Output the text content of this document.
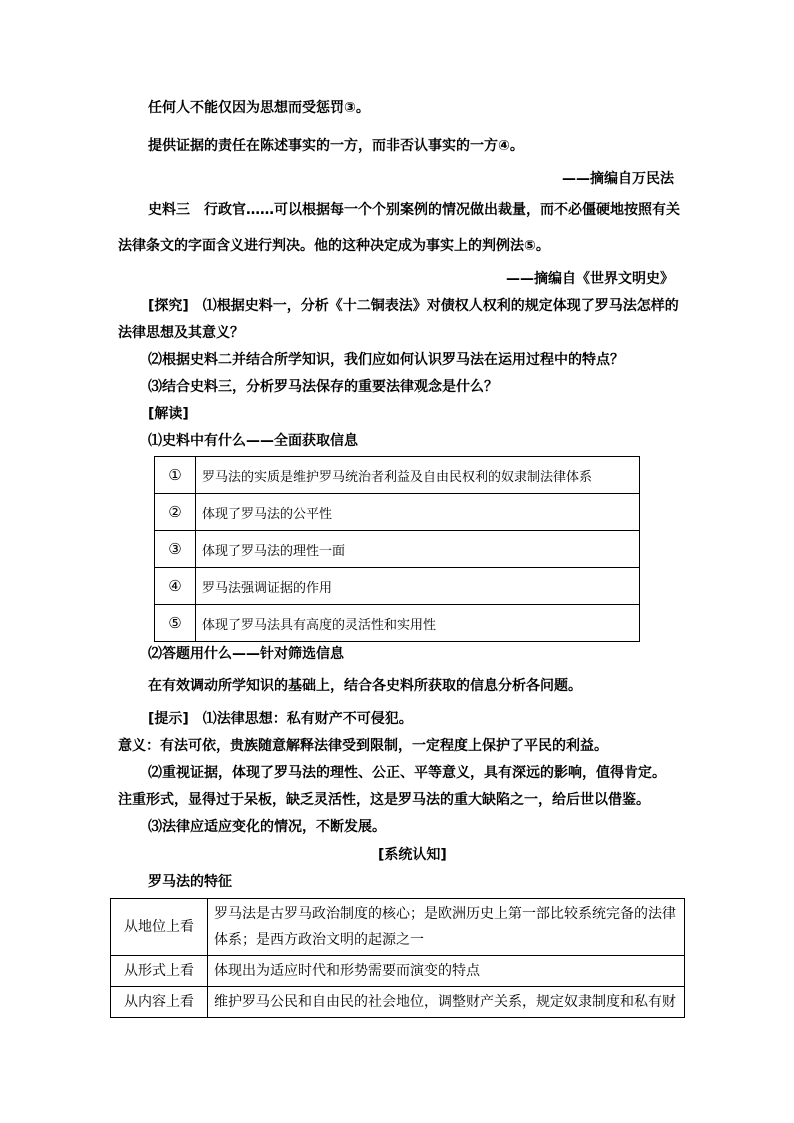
任何人不能仅因为思想而受惩罚③。
提供证据的责任在陈述事实的一方，而非否认事实的一方④。
——摘编自万民法
史料三　行政官……可以根据每一个个别案例的情况做出裁量，而不必僵硬地按照有关
法律条文的字面含义进行判决。他的这种决定成为事实上的判例法⑤。
——摘编自《世界文明史》
[探究]　⑴根据史料一，分析《十二铜表法》对债权人权利的规定体现了罗马法怎样的
法律思想及其意义？
⑵根据史料二并结合所学知识，我们应如何认识罗马法在运用过程中的特点？
⑶结合史料三，分析罗马法保存的重要法律观念是什么？
[解读]
⑴史料中有什么——全面获取信息
①	罗马法的实质是维护罗马统治者利益及自由民权利的奴隶制法律体系
②	体现了罗马法的公平性
③	体现了罗马法的理性一面
④	罗马法强调证据的作用
⑤	体现了罗马法具有高度的灵活性和实用性
⑵答题用什么——针对筛选信息
在有效调动所学知识的基础上，结合各史料所获取的信息分析各问题。
[提示]　⑴法律思想：私有财产不可侵犯。
意义：有法可依，贵族随意解释法律受到限制，一定程度上保护了平民的利益。
⑵重视证据，体现了罗马法的理性、公正、平等意义，具有深远的影响，值得肯定。
注重形式，显得过于呆板，缺乏灵活性，这是罗马法的重大缺陷之一，给后世以借鉴。
⑶法律应适应变化的情况，不断发展。
[系统认知]
罗马法的特征
从地位上看	罗马法是古罗马政治制度的核心；是欧洲历史上第一部比较系统完备的法律体系；是西方政治文明的起源之一
从形式上看	体现出为适应时代和形势需要而演变的特点
从内容上看	维护罗马公民和自由民的社会地位，调整财产关系，规定奴隶制度和私有财
